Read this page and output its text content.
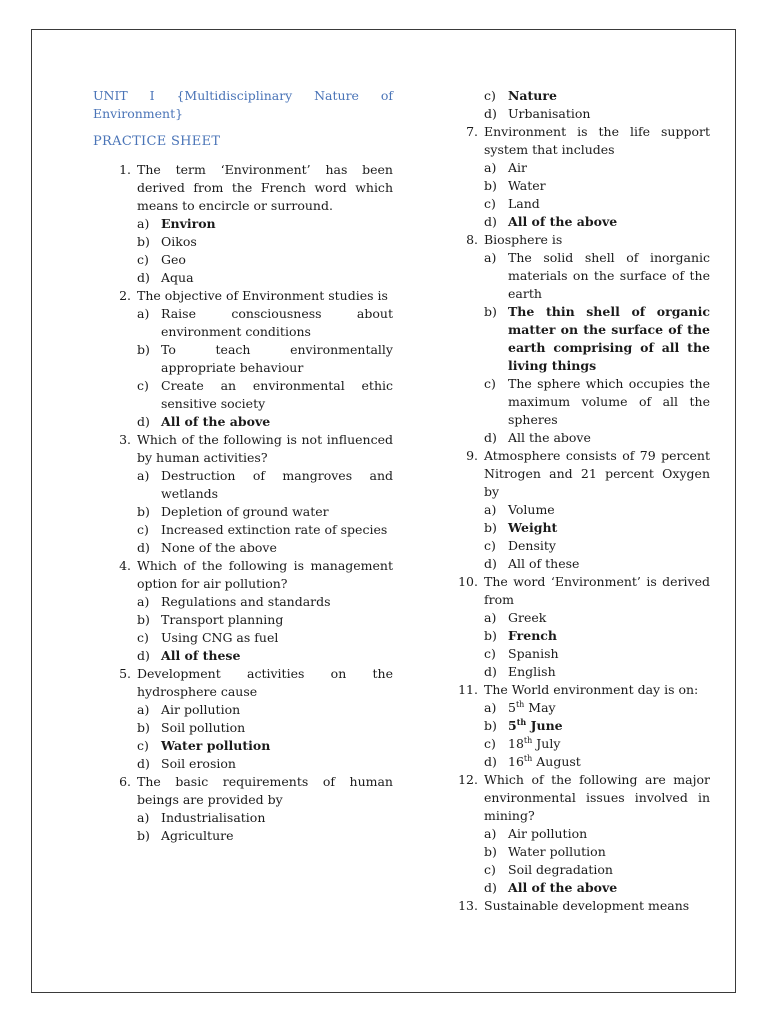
UNIT I {Multidisciplinary Nature of Environment}
PRACTICE SHEET
1. The term ‘Environment’ has been derived from the French word which means to encircle or surround.
a) Environ
b) Oikos
c) Geo
d) Aqua
2. The objective of Environment studies is
a) Raise consciousness about environment conditions
b) To teach environmentally appropriate behaviour
c) Create an environmental ethic sensitive society
d) All of the above
3. Which of the following is not influenced by human activities?
a) Destruction of mangroves and wetlands
b) Depletion of ground water
c) Increased extinction rate of species
d) None of the above
4. Which of the following is management option for air pollution?
a) Regulations and standards
b) Transport planning
c) Using CNG as fuel
d) All of these
5. Development activities on the hydrosphere cause
a) Air pollution
b) Soil pollution
c) Water pollution
d) Soil erosion
6. The basic requirements of human beings are provided by
a) Industrialisation
b) Agriculture
c) Nature
d) Urbanisation
7. Environment is the life support system that includes
a) Air
b) Water
c) Land
d) All of the above
8. Biosphere is
a) The solid shell of inorganic materials on the surface of the earth
b) The thin shell of organic matter on the surface of the earth comprising of all the living things
c) The sphere which occupies the maximum volume of all the spheres
d) All the above
9. Atmosphere consists of 79 percent Nitrogen and 21 percent Oxygen by
a) Volume
b) Weight
c) Density
d) All of these
10. The word ‘Environment’ is derived from
a) Greek
b) French
c) Spanish
d) English
11. The World environment day is on:
a) 5th May
b) 5th June
c) 18th July
d) 16th August
12. Which of the following are major environmental issues involved in mining?
a) Air pollution
b) Water pollution
c) Soil degradation
d) All of the above
13. Sustainable development means
